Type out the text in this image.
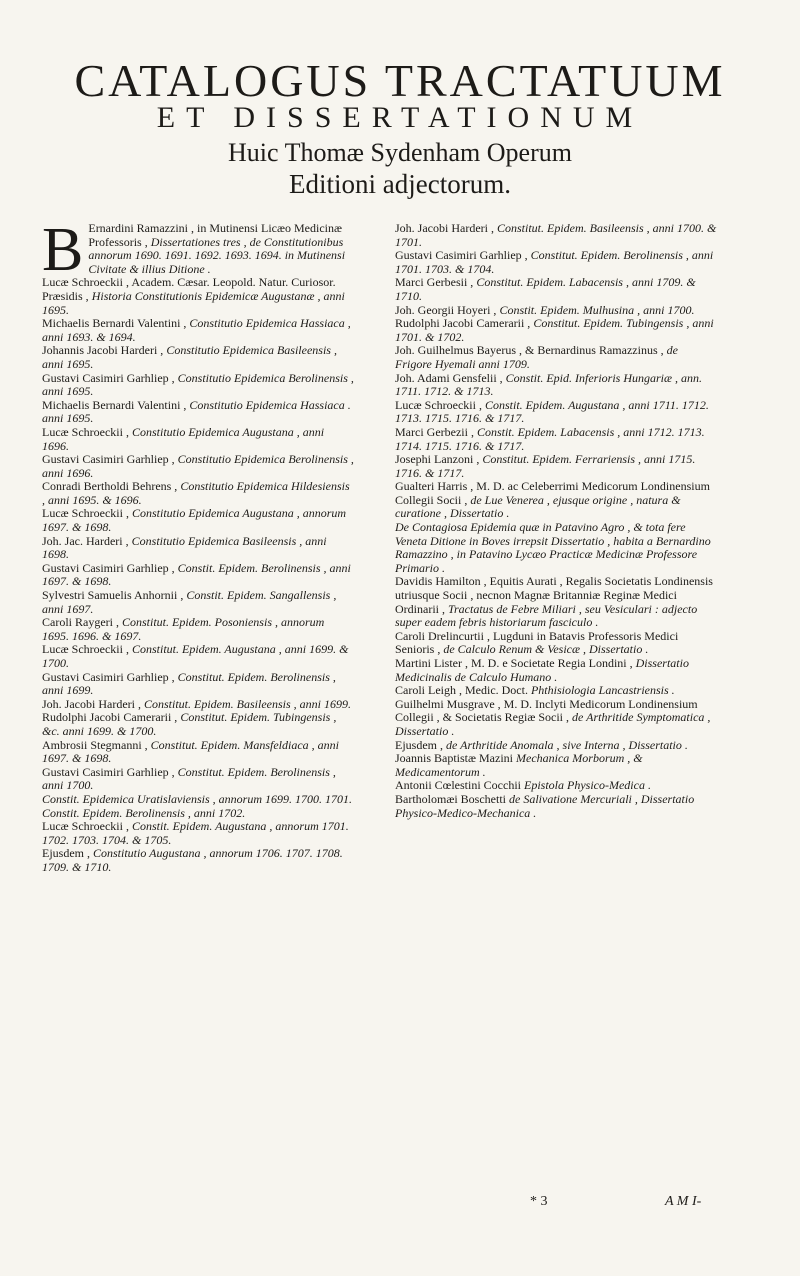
CATALOGUS TRACTATUUM
ET DISSERTATIONUM
Huic Thomæ Sydenham Operum
Editioni adjectorum.
B Ernardini Ramazzini , in Mutinensi Licæo Medicinæ Professoris , Dissertationes tres , de Constitutionibus annorum 1690. 1691. 1692. 1693. 1694. in Mutinensi Civitate & illius Ditione .

Lucæ Schroeckii , Academ. Cæsar. Leopold. Natur. Curiosor. Præsidis , Historia Constitutionis Epidemicæ Augustanæ , anni 1695.

Michaelis Bernardi Valentini , Constitutio Epidemica Hassiaca , anni 1693. & 1694.

Johannis Jacobi Harderi , Constitutio Epidemica Basileensis , anni 1695.

Gustavi Casimiri Garhliep , Constitutio Epidemica Berolinensis , anni 1695.

Michaelis Bernardi Valentini , Constitutio Epidemica Hassiaca . anni 1695.

Lucæ Schroeckii , Constitutio Epidemica Augustana , anni 1696.

Gustavi Casimiri Garhliep , Constitutio Epidemica Berolinensis , anni 1696.

Conradi Bertholdi Behrens , Constitutio Epidemica Hildesiensis , anni 1695. & 1696.

Lucæ Schroeckii , Constitutio Epidemica Augustana , annorum 1697. & 1698.

Joh. Jac. Harderi , Constitutio Epidemica Basileensis , anni 1698.

Gustavi Casimiri Garhliep , Constit. Epidem. Berolinensis , anni 1697. & 1698.

Sylvestri Samuelis Anhornii , Constit. Epidem. Sangallensis , anni 1697.

Caroli Raygeri , Constitut. Epidem. Posoniensis , annorum 1695. 1696. & 1697.

Lucæ Schroeckii , Constitut. Epidem. Augustana , anni 1699. & 1700.

Gustavi Casimiri Garhliep , Constitut. Epidem. Berolinensis , anni 1699.

Joh. Jacobi Harderi , Constitut. Epidem. Basileensis , anni 1699.

Rudolphi Jacobi Camerarii , Constitut. Epidem. Tubingensis , &c. anni 1699. & 1700.

Ambrosii Stegmanni , Constitut. Epidem. Mansfeldiaca , anni 1697. & 1698.

Gustavi Casimiri Garhliep , Constitut. Epidem. Berolinensis , anni 1700.

Constit. Epidemica Uratislaviensis , annorum 1699. 1700. 1701.

Constit. Epidem. Berolinensis , anni 1702.

Lucæ Schroeckii , Constit. Epidem. Augustana , annorum 1701. 1702. 1703. 1704. & 1705.

Ejusdem , Constitutio Augustana , annorum 1706. 1707. 1708. 1709. & 1710.

Joh. Jacobi Harderi , Constitut. Epidem. Basileensis , anni 1700. & 1701.

Gustavi Casimiri Garhliep , Constitut. Epidem. Berolinensis , anni 1701. 1703. & 1704.

Marci Gerbesii , Constitut. Epidem. Labacensis , anni 1709. & 1710.

Joh. Georgii Hoyeri , Constit. Epidem. Mulhusina , anni 1700.

Rudolphi Jacobi Camerarii , Constitut. Epidem. Tubingensis , anni 1701. & 1702.

Joh. Guilhelmus Bayerus , & Bernardinus Ramazzinus , de Frigore Hyemali anni 1709.

Joh. Adami Gensfelii , Constit. Epid. Inferioris Hungariæ , ann. 1711. 1712. & 1713.

Lucæ Schroeckii , Constit. Epidem. Augustana , anni 1711. 1712. 1713. 1715. 1716. & 1717.

Marci Gerbezii , Constit. Epidem. Labacensis , anni 1712. 1713. 1714. 1715. 1716. & 1717.

Josephi Lanzoni , Constitut. Epidem. Ferrariensis , anni 1715. 1716. & 1717.

Gualteri Harris , M. D. ac Celeberrimi Medicorum Londinensium Collegii Socii , de Lue Venerea , ejusque origine , natura & curatione , Dissertatio .

De Contagiosa Epidemia quæ in Patavino Agro , & tota fere Veneta Ditione in Boves irrepsit Dissertatio , habita a Bernardino Ramazzino , in Patavino Lycæo Practicæ Medicinæ Professore Primario .

Davidis Hamilton , Equitis Aurati , Regalis Societatis Londinensis utriusque Socii , necnon Magnæ Britanniæ Reginæ Medici Ordinarii , Tractatus de Febre Miliari , seu Vesiculari : adjecto super eadem febris historiarum fasciculo .

Caroli Drelincurtii , Lugduni in Batavis Professoris Medici Senioris , de Calculo Renum & Vesicæ , Dissertatio .

Martini Lister , M. D. e Societate Regia Londini , Dissertatio Medicinalis de Calculo Humano .

Caroli Leigh , Medic. Doct. Phthisiologia Lancastriensis .

Guilhelmi Musgrave , M. D. Inclyti Medicorum Londinensium Collegii , & Societatis Regiæ Socii , de Arthritide Symptomatica , Dissertatio .

Ejusdem , de Arthritide Anomala , sive Interna , Dissertatio .

Joannis Baptistæ Mazini Mechanica Morborum , & Medicamentorum .

Antonii Cœlestini Cocchii Epistola Physico-Medica .

Bartholomæi Boschetti de Salivatione Mercuriali , Dissertatio Physico-Medico-Mechanica .

* 3	A M I-
